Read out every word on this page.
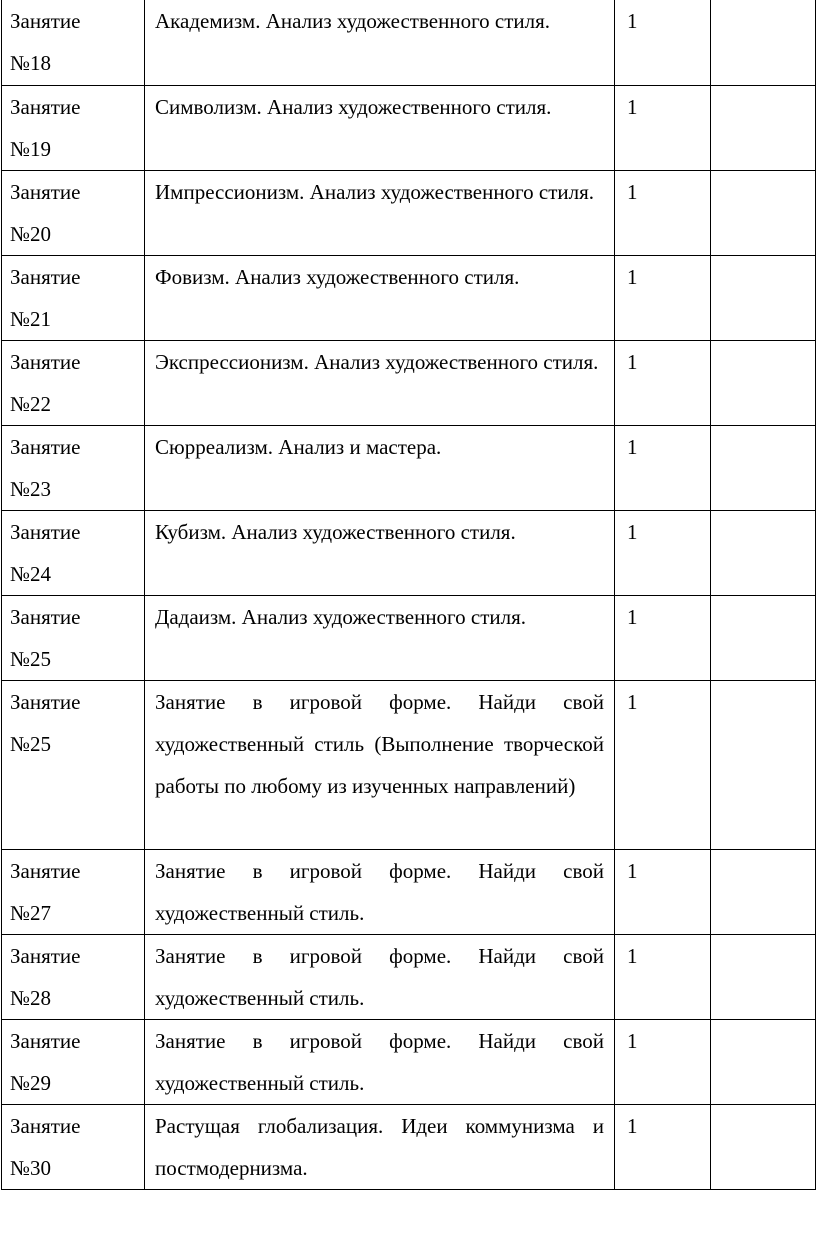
Занятие
№18	Академизм. Анализ художественного стиля.	1	

Занятие
№19	Символизм. Анализ художественного стиля.	1	

Занятие
№20	Импрессионизм. Анализ художественного стиля.	1	

Занятие
№21	Фовизм. Анализ художественного стиля.	1	

Занятие
№22	Экспрессионизм. Анализ художественного стиля.	1	

Занятие
№23	Сюрреализм. Анализ и мастера.	1	

Занятие
№24	Кубизм. Анализ художественного стиля.	1	

Занятие
№25	Дадаизм. Анализ художественного стиля.	1	

Занятие
№25	Занятие в игровой форме. Найди свой художественный стиль (Выполнение творческой работы по любому из изученных направлений)	1	

Занятие
№27	Занятие в игровой форме. Найди свой художественный стиль.	1	

Занятие
№28	Занятие в игровой форме. Найди свой художественный стиль.	1	

Занятие
№29	Занятие в игровой форме. Найди свой художественный стиль.	1	

Занятие
№30	Растущая глобализация. Идеи коммунизма и постмодернизма.	1	
